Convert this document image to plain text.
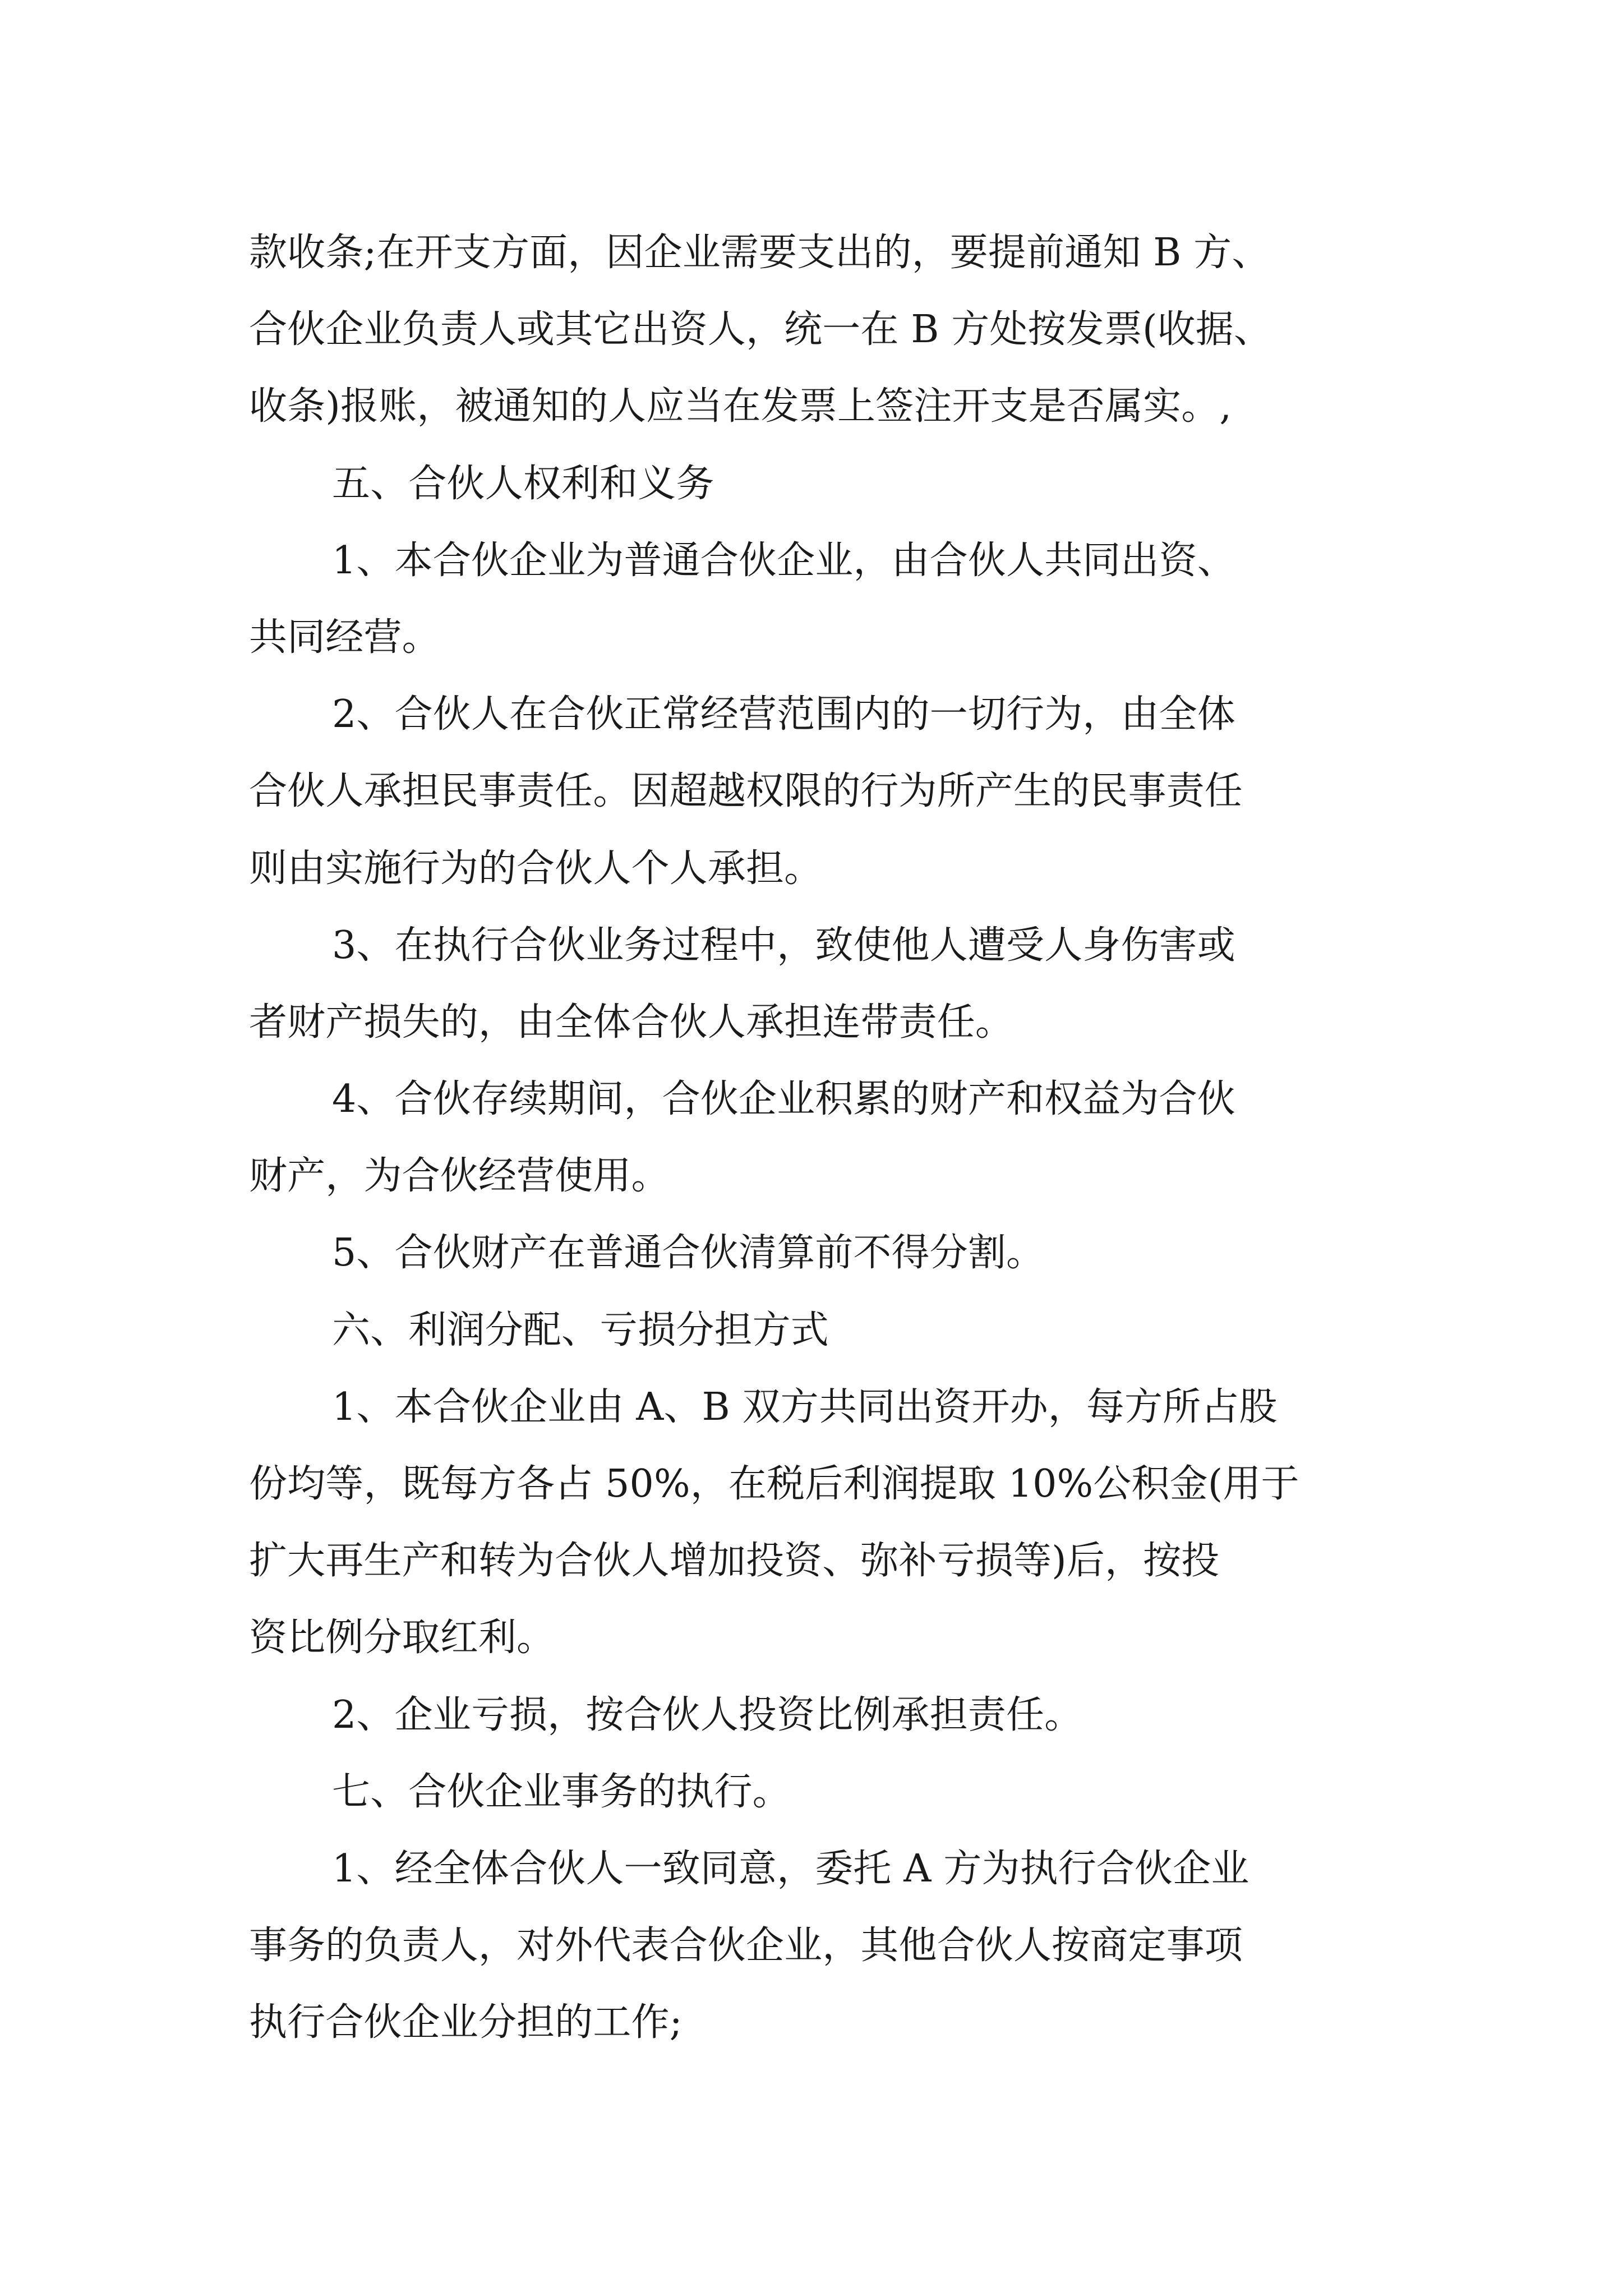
款收条;在开支方面，因企业需要支出的，要提前通知 B 方、
合伙企业负责人或其它出资人，统一在 B 方处按发票(收据、
收条)报账，被通知的人应当在发票上签注开支是否属实。,
五、合伙人权利和义务
1、本合伙企业为普通合伙企业，由合伙人共同出资、
共同经营。
2、合伙人在合伙正常经营范围内的一切行为，由全体
合伙人承担民事责任。因超越权限的行为所产生的民事责任
则由实施行为的合伙人个人承担。
3、在执行合伙业务过程中，致使他人遭受人身伤害或
者财产损失的，由全体合伙人承担连带责任。
4、合伙存续期间，合伙企业积累的财产和权益为合伙
财产，为合伙经营使用。
5、合伙财产在普通合伙清算前不得分割。
六、利润分配、亏损分担方式
1、本合伙企业由 A、B 双方共同出资开办，每方所占股
份均等，既每方各占 50%，在税后利润提取 10%公积金(用于
扩大再生产和转为合伙人增加投资、弥补亏损等)后，按投
资比例分取红利。
2、企业亏损，按合伙人投资比例承担责任。
七、合伙企业事务的执行。
1、经全体合伙人一致同意，委托 A 方为执行合伙企业
事务的负责人，对外代表合伙企业，其他合伙人按商定事项
执行合伙企业分担的工作;
